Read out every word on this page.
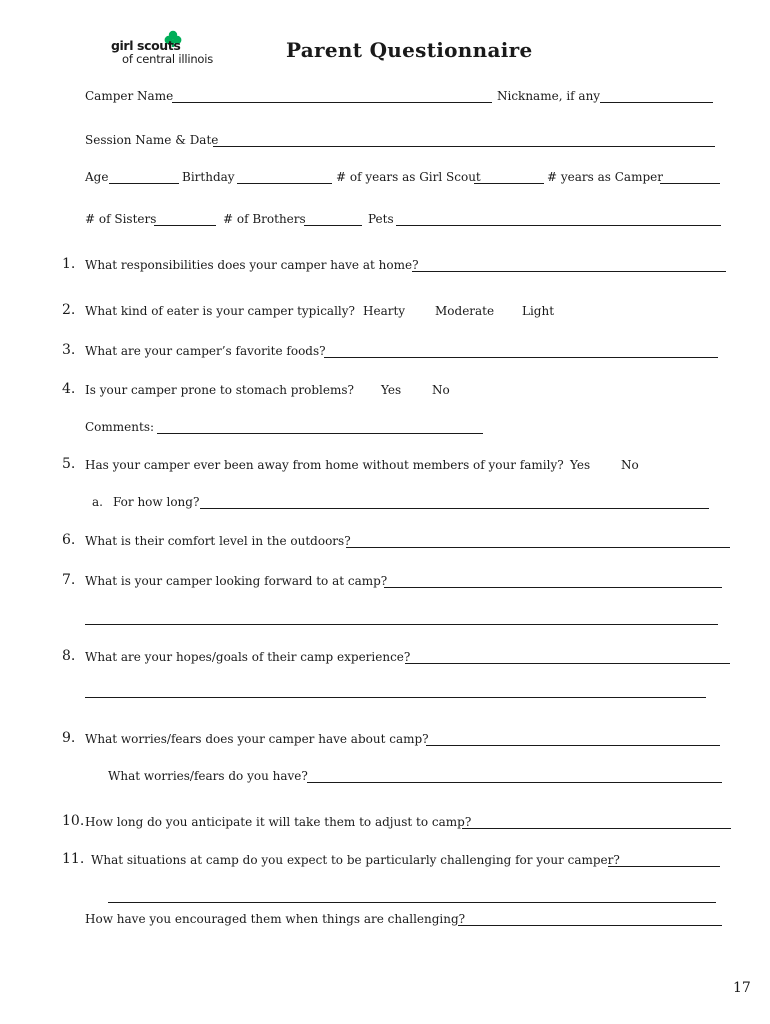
girl scouts
of central illinois	Parent Questionnaire
Camper Name	Nickname, if any
Session Name & Date
Age	Birthday	# of years as Girl Scout	# years as Camper
# of Sisters	# of Brothers	Pets
1. What responsibilities does your camper have at home?
2. What kind of eater is your camper typically? Hearty Moderate Light
3. What are your camper’s favorite foods?
4. Is your camper prone to stomach problems? Yes	No
Comments:
5. Has your camper ever been away from home without members of your family? Yes	No
a. For how long?
6. What is their comfort level in the outdoors?
7. What is your camper looking forward to at camp?
8. What are your hopes/goals of their camp experience?
9. What worries/fears does your camper have about camp?
What worries/fears do you have?
10. How long do you anticipate it will take them to adjust to camp?
11. What situations at camp do you expect to be particularly challenging for your camper?
How have you encouraged them when things are challenging?
17
